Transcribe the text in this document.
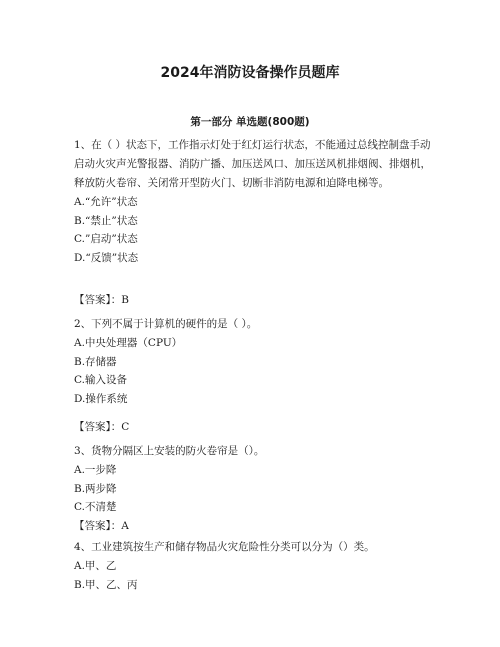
2024年消防设备操作员题库
第一部分 单选题(800题)

1、在（ ）状态下，工作指示灯处于红灯运行状态，不能通过总线控制盘手动启动火灾声光警报器、消防广播、加压送风口、加压送风机排烟阀、排烟机，释放防火卷帘、关闭常开型防火门、切断非消防电源和迫降电梯等。

A.“允许”状态

B.“禁止”状态

C.”启动”状态

D.“反馈”状态

【答案】：B

2、下列不属于计算机的硬件的是（ ）。

A.中央处理器（CPU）

B.存储器

C.输入设备

D.操作系统

【答案】：C

3、货物分隔区上安装的防火卷帘是（）。

A.一步降

B.两步降

C.不清楚

【答案】：A

4、工业建筑按生产和储存物品火灾危险性分类可以分为（）类。

A.甲、乙

B.甲、乙、丙
